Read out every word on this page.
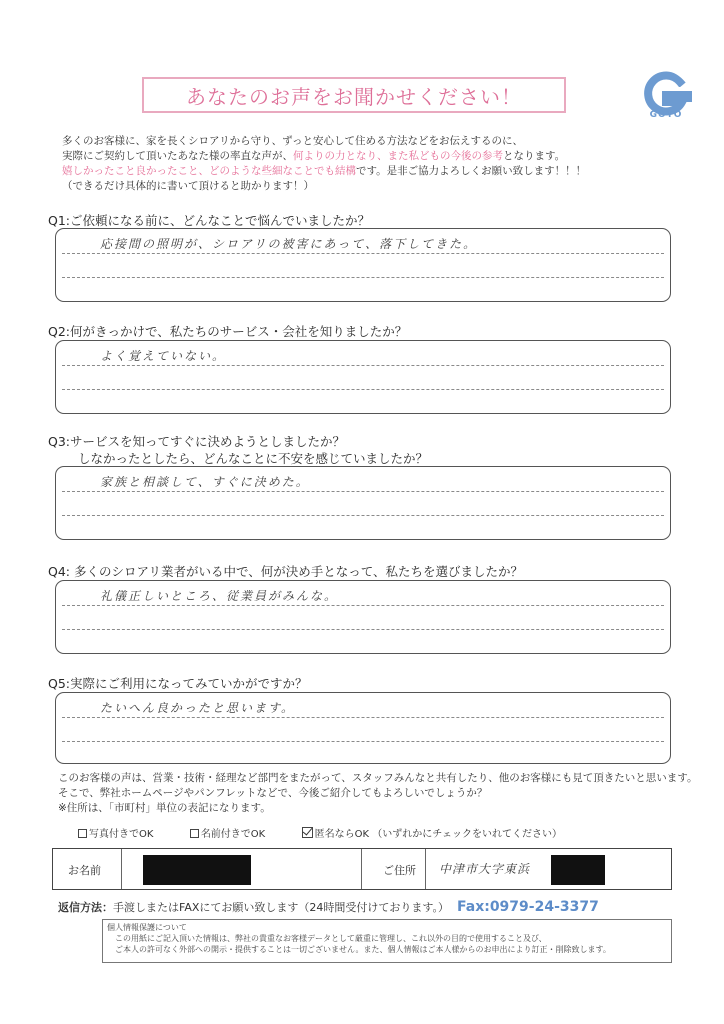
あなたのお声をお聞かせください！
GOTO
多くのお客様に、家を長くシロアリから守り、ずっと安心して住める方法などをお伝えするのに、
実際にご契約して頂いたあなた様の率直な声が、何よりの力となり、また私どもの今後の参考となります。
嬉しかったこと良かったこと、どのような些細なことでも結構です。是非ご協力よろしくお願い致します！！！
（できるだけ具体的に書いて頂けると助かります！）
Q1:ご依頼になる前に、どんなことで悩んでいましたか？
応接間の照明が、シロアリの被害にあって、落下してきた。
Q2:何がきっかけで、私たちのサービス・会社を知りましたか？
よく覚えていない。
Q3:サービスを知ってすぐに決めようとしましたか？
しなかったとしたら、どんなことに不安を感じていましたか？
家族と相談して、すぐに決めた。
Q4: 多くのシロアリ業者がいる中で、何が決め手となって、私たちを選びましたか？
礼儀正しいところ、従業員がみんな。
Q5:実際にご利用になってみていかがですか？
たいへん良かったと思います。
このお客様の声は、営業・技術・経理など部門をまたがって、スタッフみんなと共有したり、他のお客様にも見て頂きたいと思います。
そこで、弊社ホームページやパンフレットなどで、今後ご紹介してもよろしいでしょうか？
※住所は、「市町村」単位の表記になります。
写真付きでOK	名前付きでOK	匿名ならOK （いずれかにチェックをいれてください）
お名前	ご住所 中津市大字東浜
返信方法：手渡しまたはFAXにてお願い致します（24時間受付けております。） Fax:0979-24-3377
個人情報保護について
この用紙にご記入頂いた情報は、弊社の貴重なお客様データとして厳重に管理し、これ以外の目的で使用すること及び、
ご本人の許可なく外部への開示・提供することは一切ございません。また、個人情報はご本人様からのお申出により訂正・削除致します。
